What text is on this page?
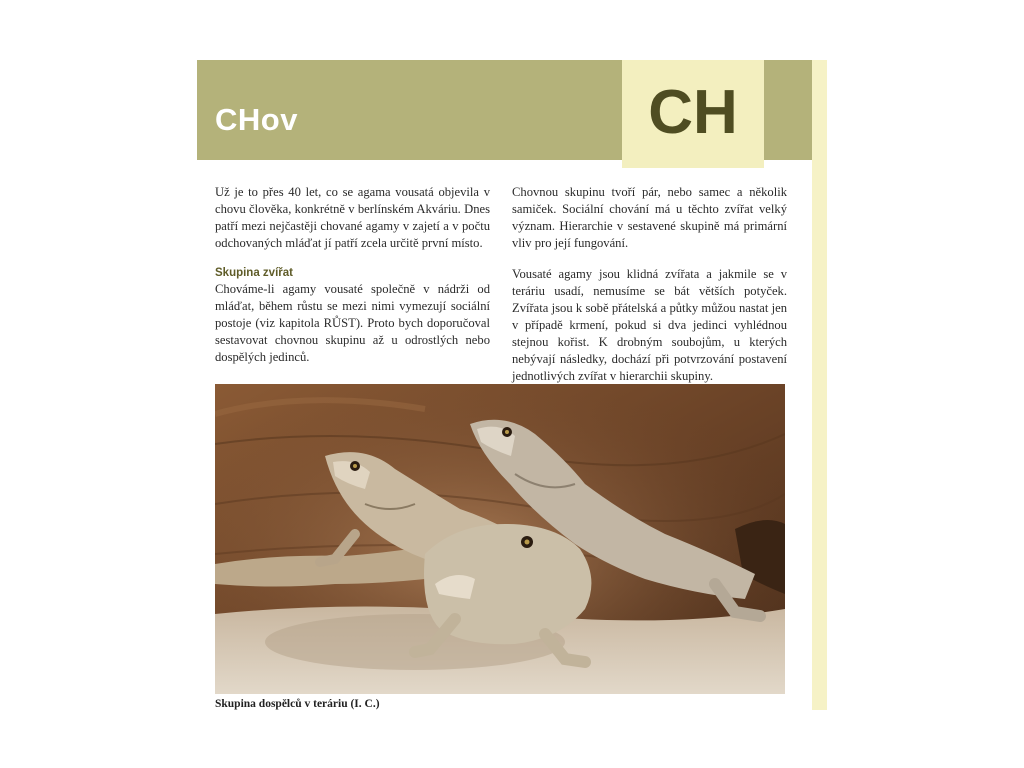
CHov	CH

Už je to přes 40 let, co se agama vousatá objevila v chovu člověka, konkrétně v berlínském Akváriu. Dnes patří mezi nejčastěji chované agamy v zajetí a v počtu odchovaných mláďat jí patří zcela určitě první místo.

Skupina zvířat

Chováme-li agamy vousaté společně v nádrži od mláďat, během růstu se mezi nimi vymezují sociální postoje (viz kapitola RŮST). Proto bych doporučoval sestavovat chovnou skupinu až u odrostlých nebo dospělých jedinců.

Chovnou skupinu tvoří pár, nebo samec a několik samiček. Sociální chování má u těchto zvířat velký význam. Hierarchie v sestavené skupině má primární vliv pro její fungování.

Vousaté agamy jsou klidná zvířata a jakmile se v teráriu usadí, nemusíme se bát větších potyček. Zvířata jsou k sobě přátelská a půtky můžou nastat jen v případě krmení, pokud si dva jedinci vyhlédnou stejnou kořist. K drobným soubojům, u kterých nebývají následky, dochází při potvrzování postavení jednotlivých zvířat v hierarchii skupiny.

Skupina dospělců v teráriu (I. C.)
